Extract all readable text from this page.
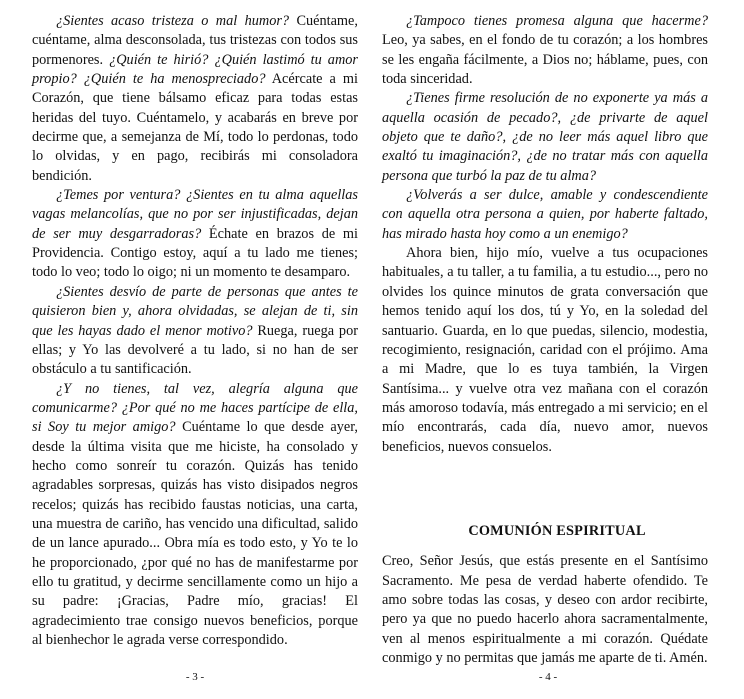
¿Sientes acaso tristeza o mal humor? Cuéntame, cuéntame, alma desconsolada, tus tristezas con todos sus pormenores. ¿Quién te hirió? ¿Quién lastimó tu amor propio? ¿Quién te ha menospreciado? Acércate a mi Corazón, que tiene bálsamo eficaz para todas estas heridas del tuyo. Cuéntamelo, y acabarás en breve por decirme que, a semejanza de Mí, todo lo perdonas, todo lo olvidas, y en pago, recibirás mi consoladora bendición.

¿Temes por ventura? ¿Sientes en tu alma aquellas vagas melancolías, que no por ser injustificadas, dejan de ser muy desgarradoras? Échate en brazos de mi Providencia. Contigo estoy, aquí a tu lado me tienes; todo lo veo; todo lo oigo; ni un momento te desamparo.

¿Sientes desvío de parte de personas que antes te quisieron bien y, ahora olvidadas, se alejan de ti, sin que les hayas dado el menor motivo? Ruega, ruega por ellas; y Yo las devolveré a tu lado, si no han de ser obstáculo a tu santificación.

¿Y no tienes, tal vez, alegría alguna que comunicarme? ¿Por qué no me haces partícipe de ella, si Soy tu mejor amigo? Cuéntame lo que desde ayer, desde la última visita que me hiciste, ha consolado y hecho como sonreír tu corazón. Quizás has tenido agradables sorpresas, quizás has visto disipados negros recelos; quizás has recibido faustas noticias, una carta, una muestra de cariño, has vencido una dificultad, salido de un lance apurado... Obra mía es todo esto, y Yo te lo he proporcionado, ¿por qué no has de manifestarme por ello tu gratitud, y decirme sencillamente como un hijo a su padre: ¡Gracias, Padre mío, gracias! El agradecimiento trae consigo nuevos beneficios, porque al bienhechor le agrada verse correspondido.

¿Tampoco tienes promesa alguna que hacerme? Leo, ya sabes, en el fondo de tu corazón; a los hombres se les engaña fácilmente, a Dios no; háblame, pues, con toda sinceridad.

¿Tienes firme resolución de no exponerte ya más a aquella ocasión de pecado?, ¿de privarte de aquel objeto que te daño?, ¿de no leer más aquel libro que exaltó tu imaginación?, ¿de no tratar más con aquella persona que turbó la paz de tu alma?

¿Volverás a ser dulce, amable y condescendiente con aquella otra persona a quien, por haberte faltado, has mirado hasta hoy como a un enemigo?

Ahora bien, hijo mío, vuelve a tus ocupaciones habituales, a tu taller, a tu familia, a tu estudio..., pero no olvides los quince minutos de grata conversación que hemos tenido aquí los dos, tú y Yo, en la soledad del santuario. Guarda, en lo que puedas, silencio, modestia, recogimiento, resignación, caridad con el prójimo. Ama a mi Madre, que lo es tuya también, la Virgen Santísima... y vuelve otra vez mañana con el corazón más amoroso todavía, más entregado a mi servicio; en el mío encontrarás, cada día, nuevo amor, nuevos beneficios, nuevos consuelos.

COMUNIÓN ESPIRITUAL

Creo, Señor Jesús, que estás presente en el Santísimo Sacramento. Me pesa de verdad haberte ofendido. Te amo sobre todas las cosas, y deseo con ardor recibirte, pero ya que no puedo hacerlo ahora sacramentalmente, ven al menos espiritualmente a mi corazón. Quédate conmigo y no permitas que jamás me aparte de ti. Amén.

- 3 -	- 4 -
